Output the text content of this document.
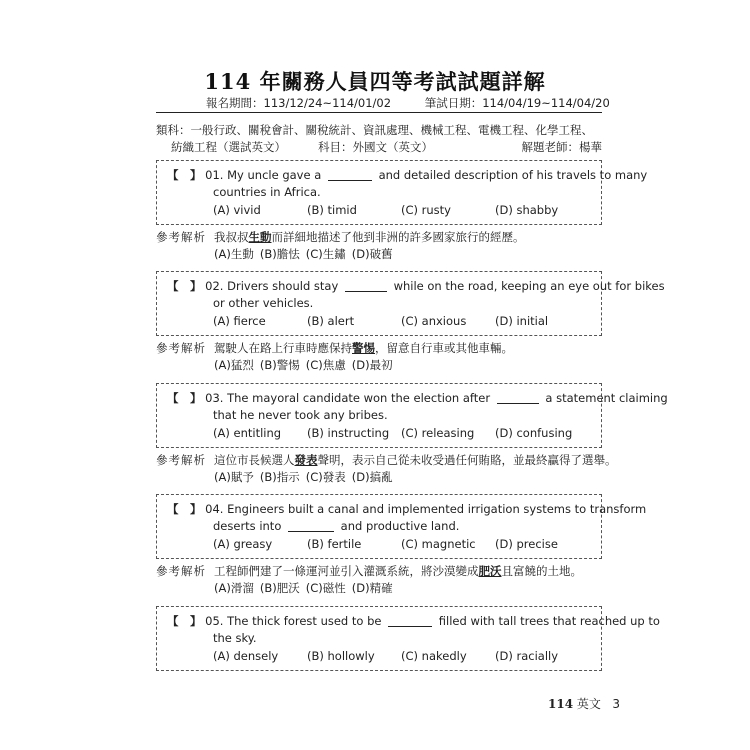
114 年關務人員四等考試試題詳解
報名期間：113/12/24~114/01/02	筆試日期：114/04/19~114/04/20
類科：一般行政、關稅會計、關稅統計、資訊處理、機械工程、電機工程、化學工程、
紡織工程（選試英文）	科目：外國文（英文）	解題老師：楊華
【　】 01. My uncle gave a	and detailed description of his travels to many
countries in Africa.
(A) vivid	(B) timid	(C) rusty	(D) shabby
參考解析 我叔叔生動而詳細地描述了他到非洲的許多國家旅行的經歷。
(A)生動 (B)膽怯 (C)生鏽 (D)破舊
【　】 02. Drivers should stay	while on the road, keeping an eye out for bikes
or other vehicles.
(A) fierce	(B) alert	(C) anxious (D) initial
參考解析 駕駛人在路上行車時應保持警惕，留意自行車或其他車輛。
(A)猛烈 (B)警惕 (C)焦慮 (D)最初
【　】 03. The mayoral candidate won the election after	a statement claiming
that he never took any bribes.
(A) entitling (B) instructing (C) releasing (D) confusing
參考解析 這位市長候選人發表聲明，表示自己從未收受過任何賄賂，並最終贏得了選舉。
(A)賦予 (B)指示 (C)發表 (D)搞亂
【　】 04. Engineers built a canal and implemented irrigation systems to transform
deserts into	and productive land.
(A) greasy	(B) fertile	(C) magnetic (D) precise
參考解析 工程師們建了一條運河並引入灌溉系統，將沙漠變成肥沃且富饒的土地。
(A)滑溜 (B)肥沃 (C)磁性 (D)精確
【　】 05. The thick forest used to be	filled with tall trees that reached up to
the sky.
(A) densely	(B) hollowly (C) nakedly (D) racially
114 英文 3
